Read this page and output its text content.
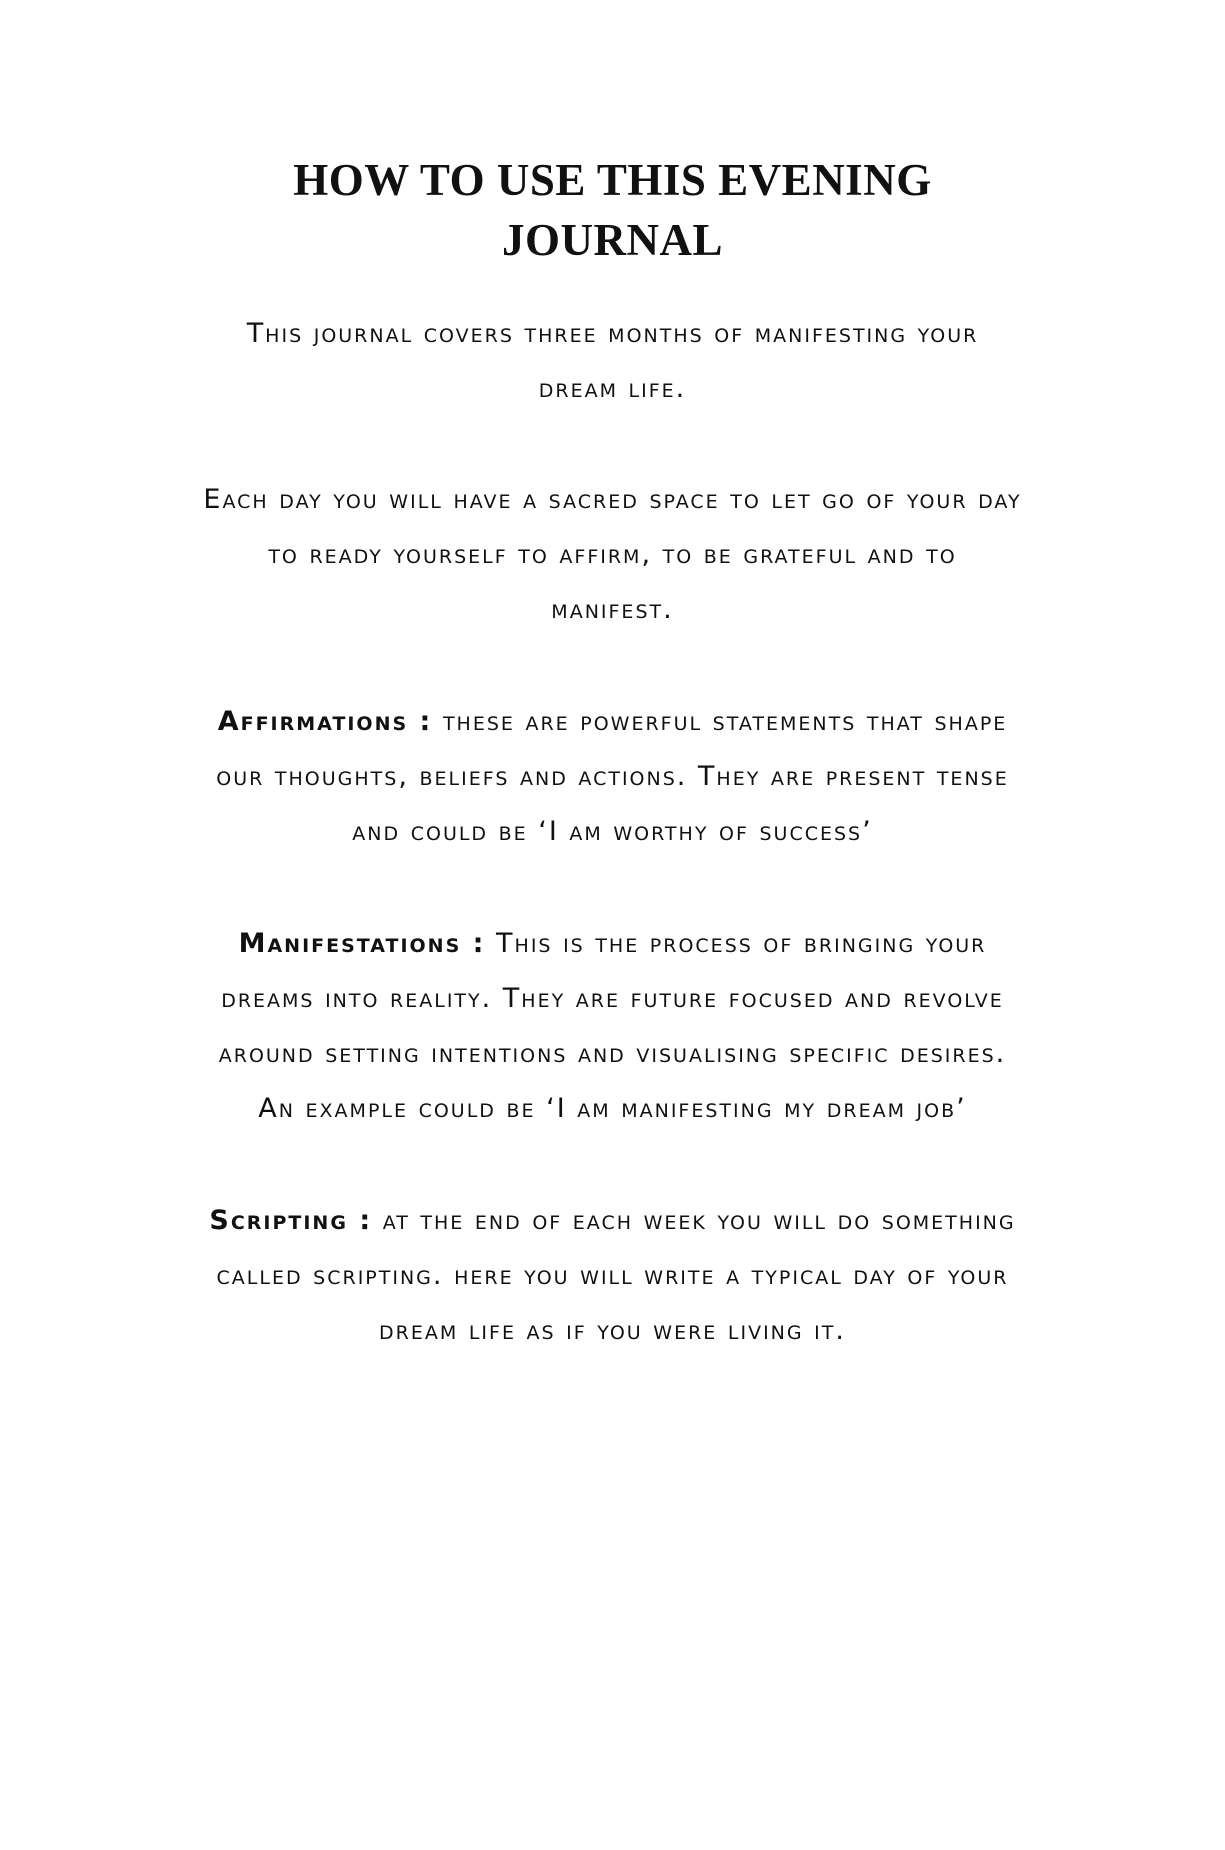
HOW TO USE THIS EVENING
JOURNAL

This journal covers three months of manifesting your
dream life.

Each day you will have a sacred space to let go of your day
to ready yourself to affirm, to be grateful and to
manifest.

Affirmations : these are powerful statements that shape
our thoughts, beliefs and actions. They are present tense
and could be ‘I am worthy of success’

Manifestations : This is the process of bringing your
dreams into reality. They are future focused and revolve
around setting intentions and visualising specific desires.
An example could be ‘I am manifesting my dream job’

Scripting : at the end of each week you will do something
called scripting. here you will write a typical day of your
dream life as if you were living it.
